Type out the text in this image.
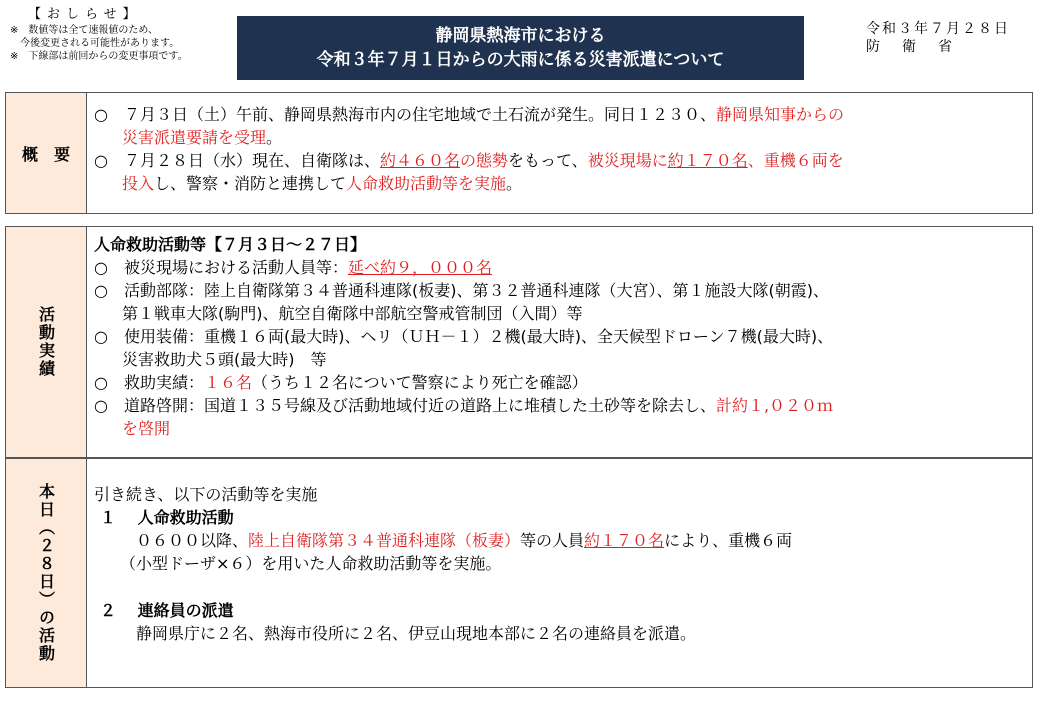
【おしらせ】
※　数値等は全て速報値のため、
　今後変更される可能性があります。
※　下線部は前回からの変更事項です。
静岡県熱海市における
令和３年７月１日からの大雨に係る災害派遣について
令和３年７月２８日
防衛省
概　要
○　７月３日（土）午前、静岡県熱海市内の住宅地域で土石流が発生。同日１２３０、静岡県知事からの
災害派遣要請を受理。
○　７月２８日（水）現在、自衛隊は、約４６０名の態勢をもって、被災現場に約１７０名、重機６両を
投入し、警察・消防と連携して人命救助活動等を実施。
活動実績
人命救助活動等【７月３日～２７日】
○　被災現場における活動人員等：延べ約９，０００名
○　活動部隊：陸上自衛隊第３４普通科連隊(板妻)、第３２普通科連隊（大宮）、第１施設大隊(朝霞)、
第１戦車大隊(駒門)、航空自衛隊中部航空警戒管制団（入間）等
○　使用装備：重機１６両(最大時)、ヘリ（ＵＨ－１）２機(最大時)、全天候型ドローン７機(最大時)、
災害救助犬５頭(最大時)　等
○　救助実績：１６名（うち１２名について警察により死亡を確認）
○　道路啓開：国道１３５号線及び活動地域付近の道路上に堆積した土砂等を除去し、計約１,０２０ｍ
を啓開
本日（２８日）の活動 引き続き、以下の活動等を実施
１　 人命救助活動
０６００以降、陸上自衛隊第３４普通科連隊（板妻）等の人員約１７０名により、重機６両
（小型ドーザ×６）を用いた人命救助活動等を実施。
２　 連絡員の派遣
静岡県庁に２名、熱海市役所に２名、伊豆山現地本部に２名の連絡員を派遣。
